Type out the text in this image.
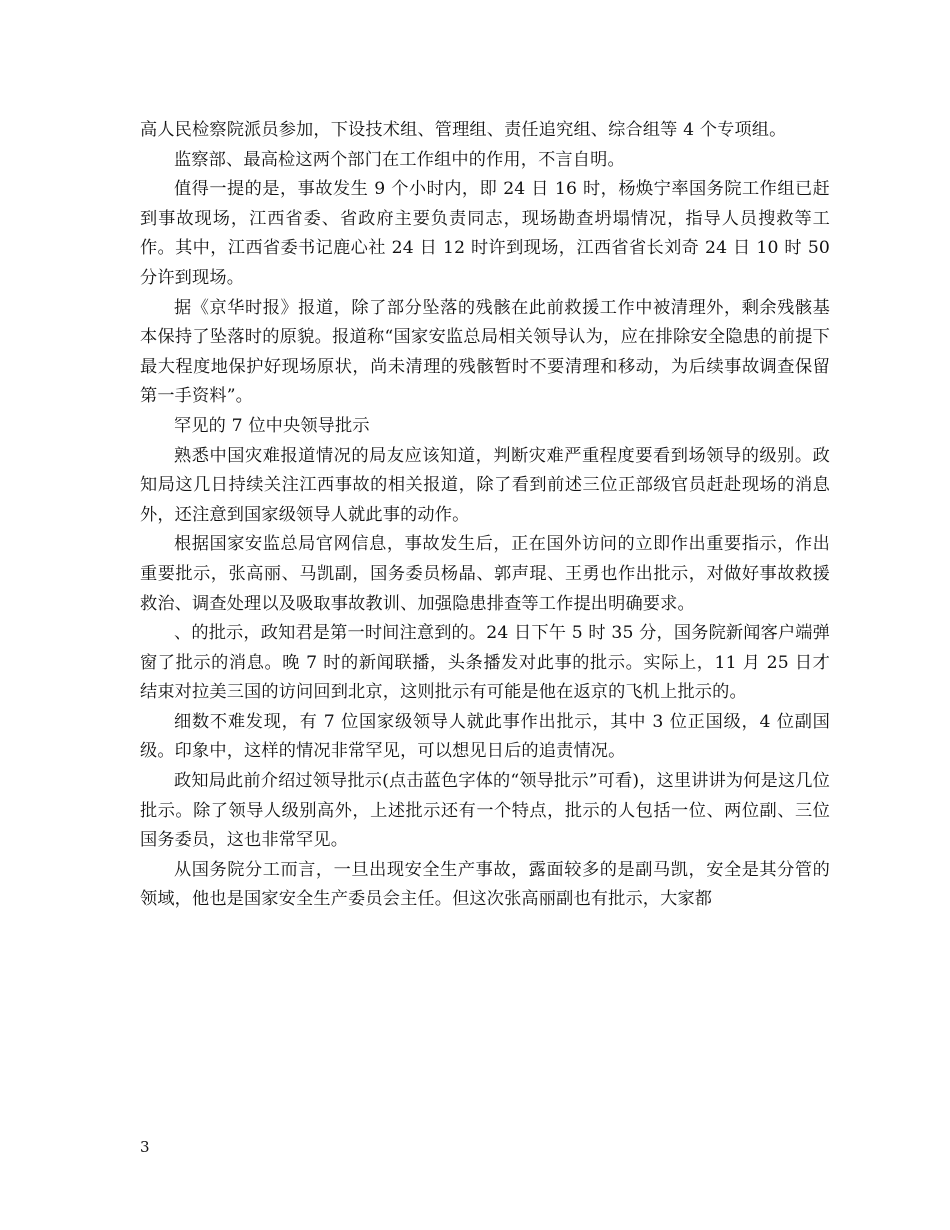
高人民检察院派员参加，下设技术组、管理组、责任追究组、综合组等 4 个专项组。

监察部、最高检这两个部门在工作组中的作用，不言自明。

值得一提的是，事故发生 9 个小时内，即 24 日 16 时，杨焕宁率国务院工作组已赶到事故现场，江西省委、省政府主要负责同志，现场勘查坍塌情况，指导人员搜救等工作。其中，江西省委书记鹿心社 24 日 12 时许到现场，江西省省长刘奇 24 日 10 时 50 分许到现场。

据《京华时报》报道，除了部分坠落的残骸在此前救援工作中被清理外，剩余残骸基本保持了坠落时的原貌。报道称“国家安监总局相关领导认为，应在排除安全隐患的前提下最大程度地保护好现场原状，尚未清理的残骸暂时不要清理和移动，为后续事故调查保留第一手资料”。

罕见的 7 位中央领导批示

熟悉中国灾难报道情况的局友应该知道，判断灾难严重程度要看到场领导的级别。政知局这几日持续关注江西事故的相关报道，除了看到前述三位正部级官员赶赴现场的消息外，还注意到国家级领导人就此事的动作。

根据国家安监总局官网信息，事故发生后，正在国外访问的立即作出重要指示，作出重要批示，张高丽、马凯副，国务委员杨晶、郭声琨、王勇也作出批示，对做好事故救援救治、调查处理以及吸取事故教训、加强隐患排查等工作提出明确要求。

、的批示，政知君是第一时间注意到的。24 日下午 5 时 35 分，国务院新闻客户端弹窗了批示的消息。晚 7 时的新闻联播，头条播发对此事的批示。实际上，11 月 25 日才结束对拉美三国的访问回到北京，这则批示有可能是他在返京的飞机上批示的。

细数不难发现，有 7 位国家级领导人就此事作出批示，其中 3 位正国级，4 位副国级。印象中，这样的情况非常罕见，可以想见日后的追责情况。

政知局此前介绍过领导批示(点击蓝色字体的“领导批示”可看)，这里讲讲为何是这几位批示。除了领导人级别高外，上述批示还有一个特点，批示的人包括一位、两位副、三位国务委员，这也非常罕见。

从国务院分工而言，一旦出现安全生产事故，露面较多的是副马凯，安全是其分管的领域，他也是国家安全生产委员会主任。但这次张高丽副也有批示，大家都

3
